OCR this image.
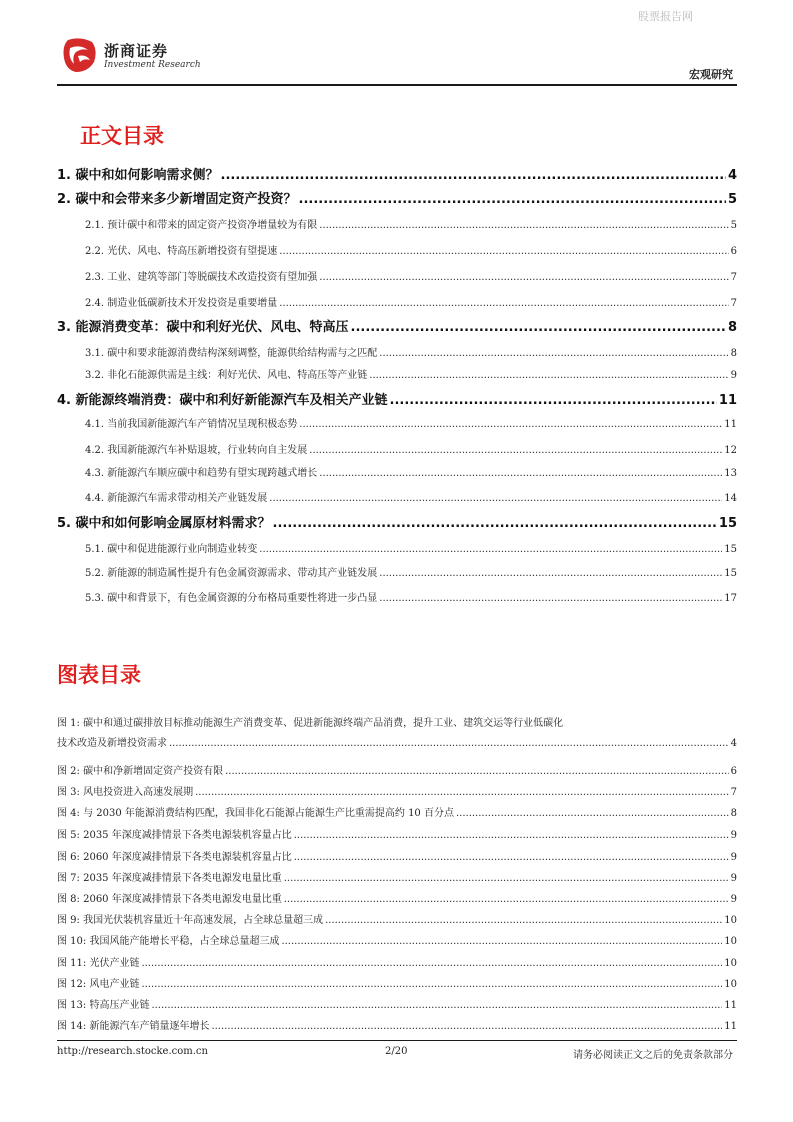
股票报告网
浙商证券
Investment Research
宏观研究
正文目录
1. 碳中和如何影响需求侧？ .....	4
2. 碳中和会带来多少新增固定资产投资？ .....	5
2.1. 预计碳中和带来的固定资产投资净增量较为有限 .....	5
2.2. 光伏、风电、特高压新增投资有望提速 .....	6
2.3. 工业、建筑等部门等脱碳技术改造投资有望加强 .....	7
2.4. 制造业低碳新技术开发投资是重要增量 .....	7
3. 能源消费变革：碳中和利好光伏、风电、特高压 .....	8
3.1. 碳中和要求能源消费结构深刻调整，能源供给结构需与之匹配 .....	8
3.2. 非化石能源供需是主线：利好光伏、风电、特高压等产业链 .....	9
4. 新能源终端消费：碳中和利好新能源汽车及相关产业链 .....	11
4.1. 当前我国新能源汽车产销情况呈现积极态势 .....	11
4.2. 我国新能源汽车补贴退坡，行业转向自主发展 .....	12
4.3. 新能源汽车顺应碳中和趋势有望实现跨越式增长 .....	13
4.4. 新能源汽车需求带动相关产业链发展 .....	14
5. 碳中和如何影响金属原材料需求？ .....	15
5.1. 碳中和促进能源行业向制造业转变 .....	15
5.2. 新能源的制造属性提升有色金属资源需求、带动其产业链发展 .....	15
5.3. 碳中和背景下，有色金属资源的分布格局重要性将进一步凸显 .....	17
图表目录
图 1: 碳中和通过碳排放目标推动能源生产消费变革、促进新能源终端产品消费，提升工业、建筑交运等行业低碳化
技术改造及新增投资需求 .....	4
图 2: 碳中和净新增固定资产投资有限 .....	6
图 3: 风电投资进入高速发展期 .....	7
图 4: 与 2030 年能源消费结构匹配，我国非化石能源占能源生产比重需提高约 10 百分点 .....	8
图 5: 2035 年深度减排情景下各类电源装机容量占比 .....	9
图 6: 2060 年深度减排情景下各类电源装机容量占比 .....	9
图 7: 2035 年深度减排情景下各类电源发电量比重 .....	9
图 8: 2060 年深度减排情景下各类电源发电量比重 .....	9
图 9: 我国光伏装机容量近十年高速发展，占全球总量超三成 .....	10
图 10: 我国风能产能增长平稳，占全球总量超三成 .....	10
图 11: 光伏产业链 .....	10
图 12: 风电产业链 .....	10
图 13: 特高压产业链 .....	11
图 14: 新能源汽车产销量逐年增长 .....	11
http://research.stocke.com.cn	2/20	请务必阅读正文之后的免责条款部分
